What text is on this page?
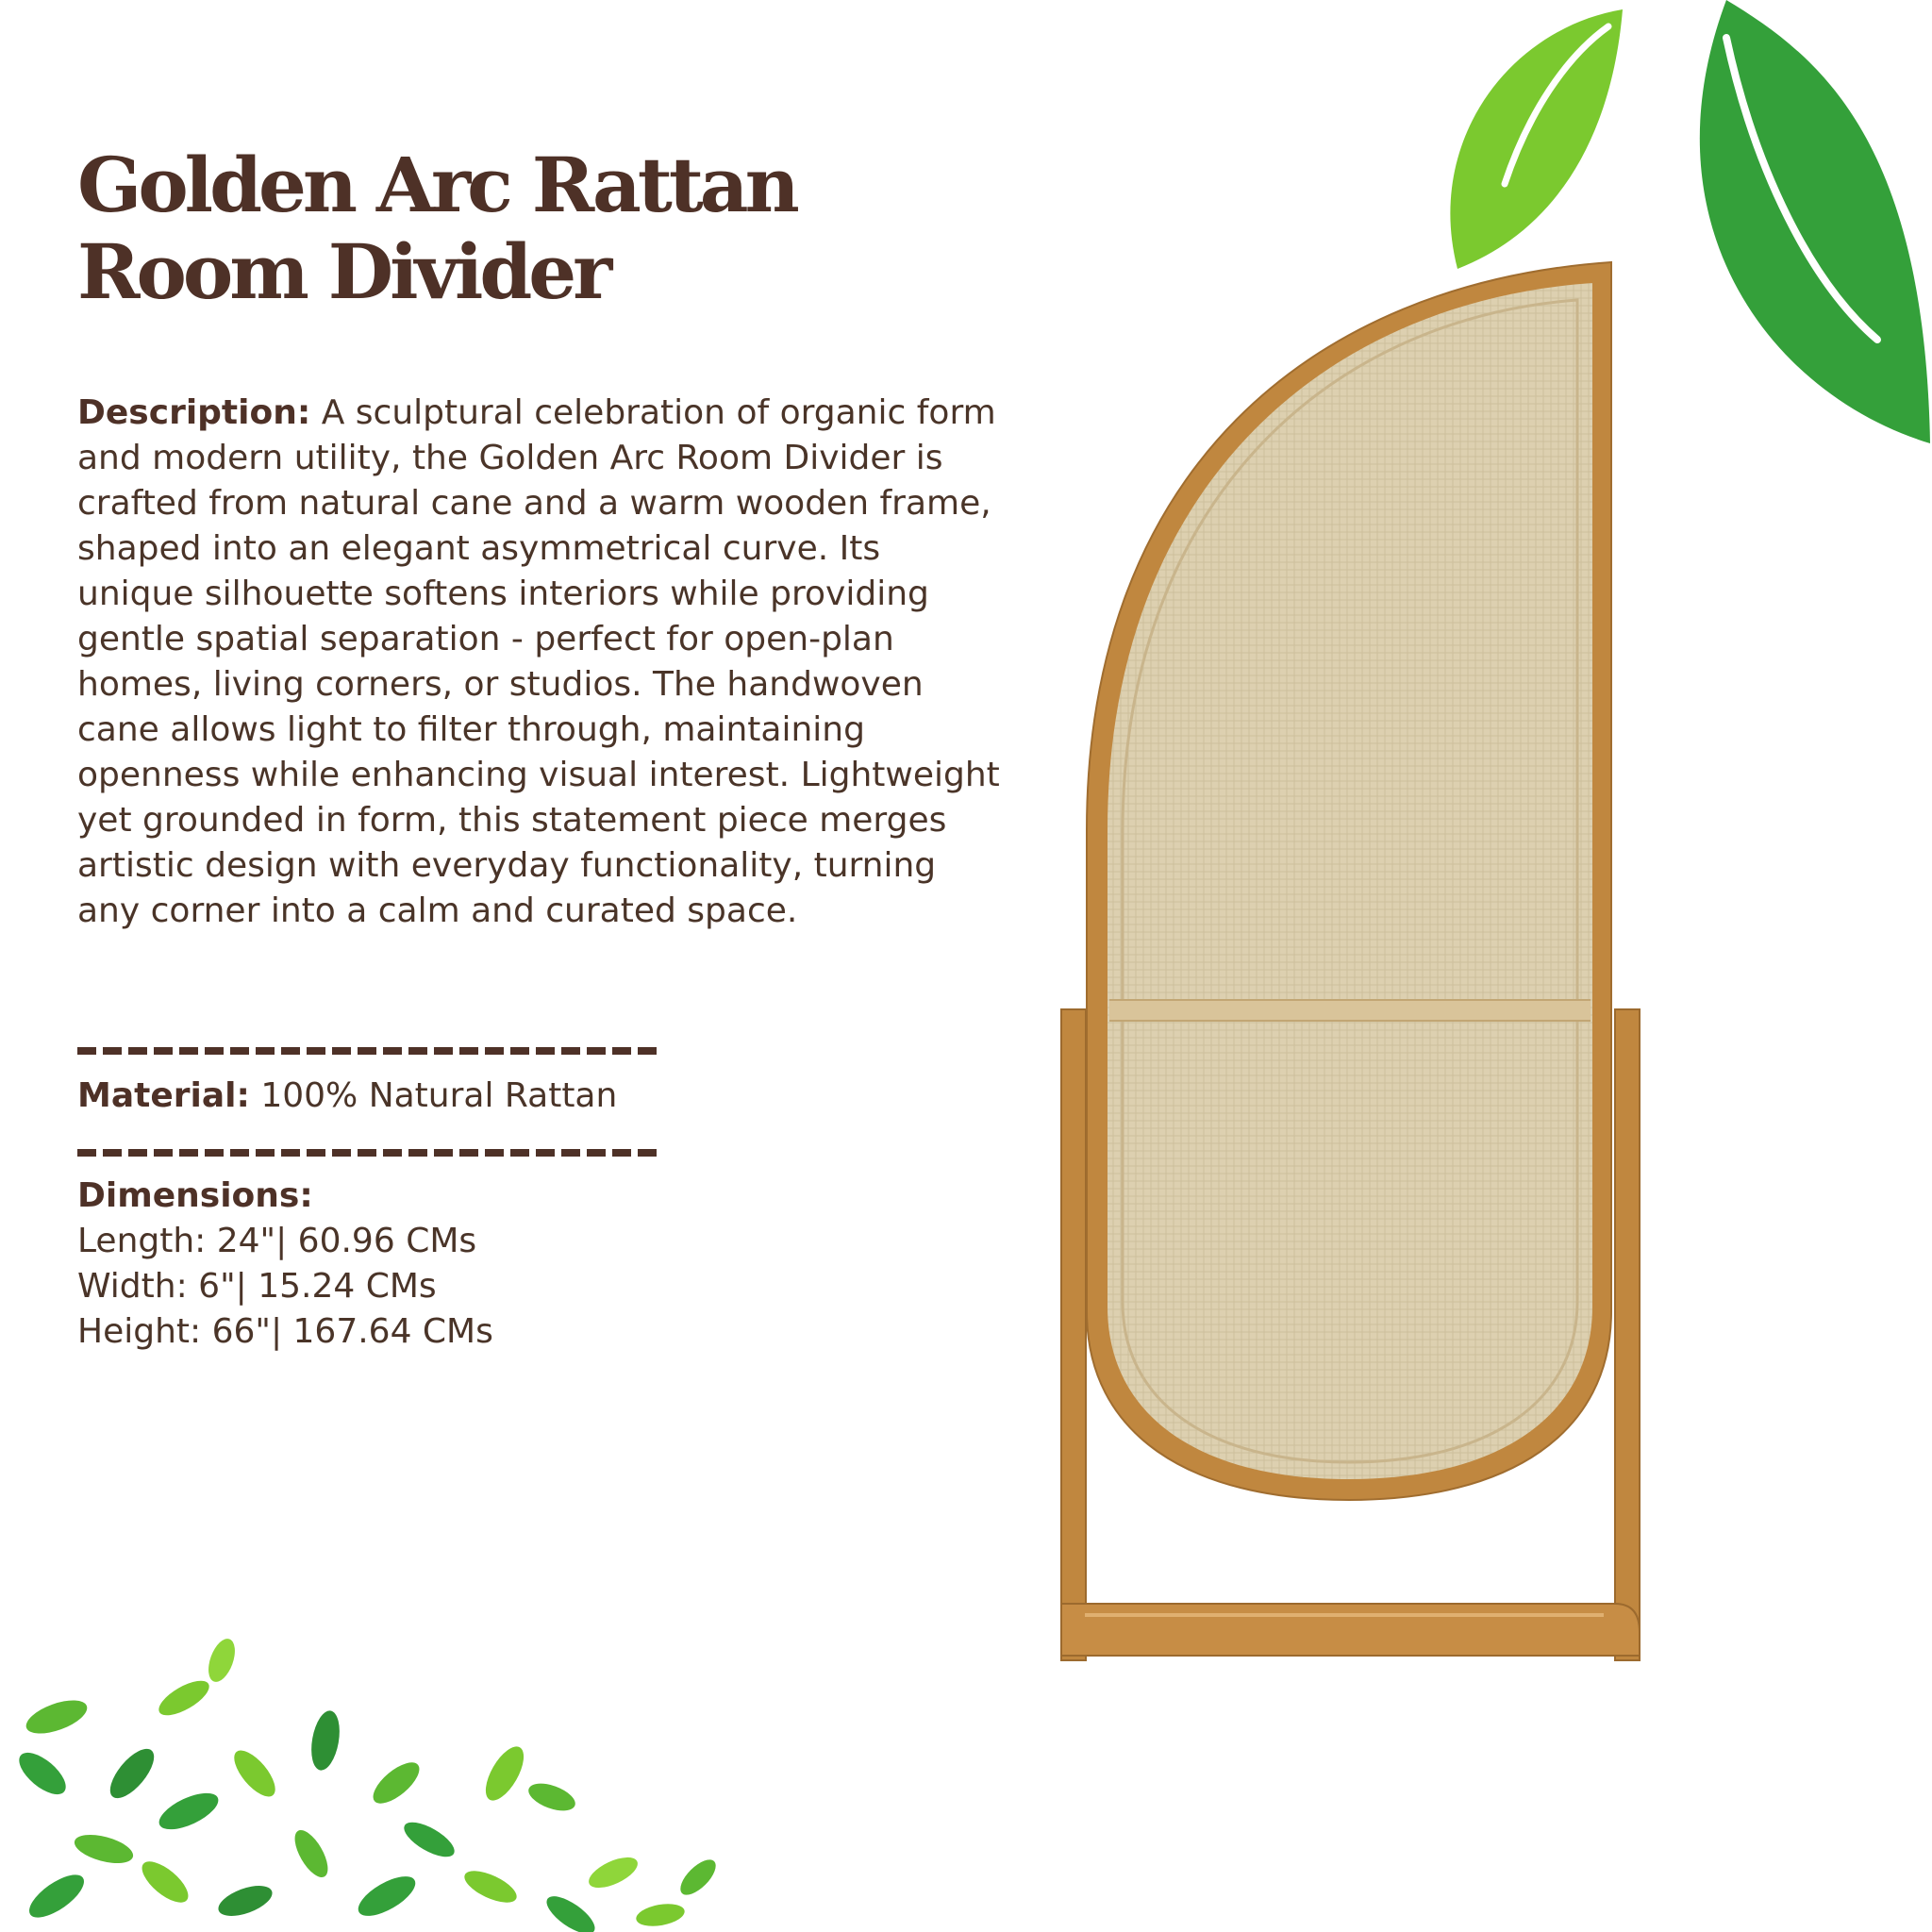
Golden Arc Rattan Room Divider
Description: A sculptural celebration of organic form and modern utility, the Golden Arc Room Divider is crafted from natural cane and a warm wooden frame, shaped into an elegant asymmetrical curve. Its unique silhouette softens interiors while providing gentle spatial separation - perfect for open-plan homes, living corners, or studios. The handwoven cane allows light to filter through, maintaining openness while enhancing visual interest. Lightweight yet grounded in form, this statement piece merges artistic design with everyday functionality, turning any corner into a calm and curated space.
Material: 100% Natural Rattan
Dimensions:
Length: 24"| 60.96 CMs
Width: 6"| 15.24 CMs
Height: 66"| 167.64 CMs
